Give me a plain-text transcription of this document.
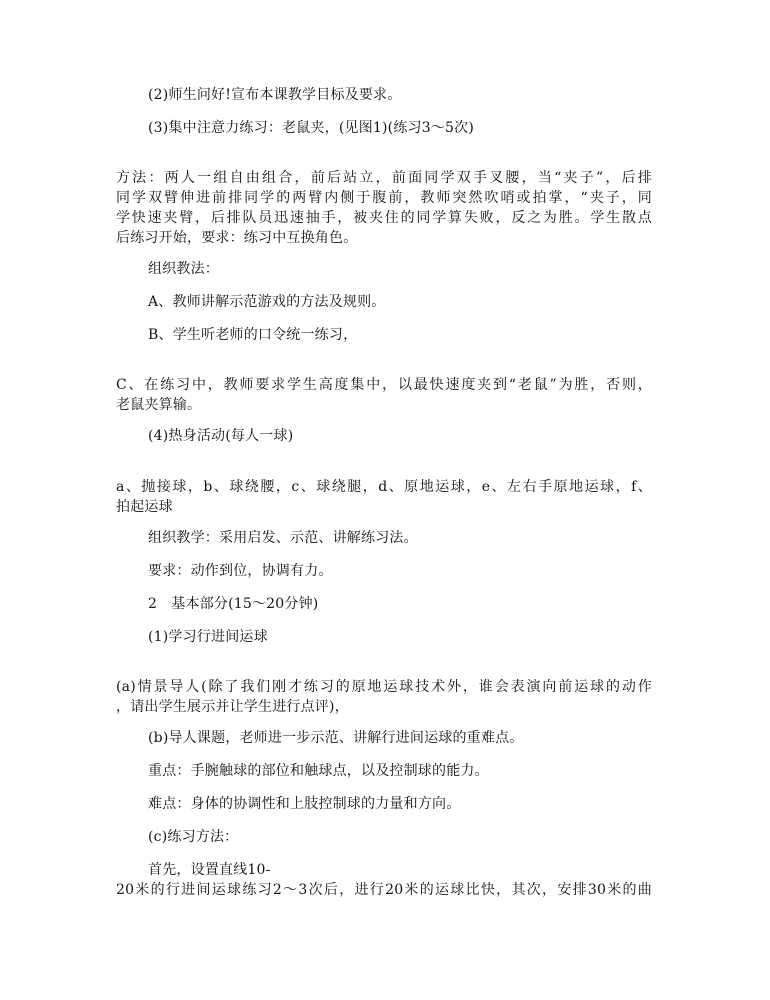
(2)师生问好!宣布本课教学目标及要求。
(3)集中注意力练习：老鼠夹，(见图1)(练习3～5次)
方法：两人一组自由组合，前后站立，前面同学双手叉腰，当“夹子”，后排
同学双臂伸进前排同学的两臂内侧于腹前，教师突然吹哨或拍掌，“夹子，同
学快速夹臂，后排队员迅速抽手，被夹住的同学算失败，反之为胜。学生散点
后练习开始，要求：练习中互换角色。
组织教法：
A、教师讲解示范游戏的方法及规则。
B、学生听老师的口令统一练习，
C、在练习中，教师要求学生高度集中，以最快速度夹到“老鼠”为胜，否则，
老鼠夹算输。
(4)热身活动(每人一球)
a、抛接球，b、球绕腰，c、球绕腿，d、原地运球，e、左右手原地运球，f、
拍起运球
组织教学：采用启发、示范、讲解练习法。
要求：动作到位，协调有力。
2　基本部分(15～20分钟)
(1)学习行进间运球
(a)情景导人(除了我们刚才练习的原地运球技术外，谁会表演向前运球的动作
，请出学生展示并让学生进行点评)，
(b)导人课题，老师进一步示范、讲解行进间运球的重难点。
重点：手腕触球的部位和触球点，以及控制球的能力。
难点：身体的协调性和上肢控制球的力量和方向。
(c)练习方法：
首先，设置直线10-
20米的行进间运球练习2～3次后，进行20米的运球比快，其次，安排30米的曲
